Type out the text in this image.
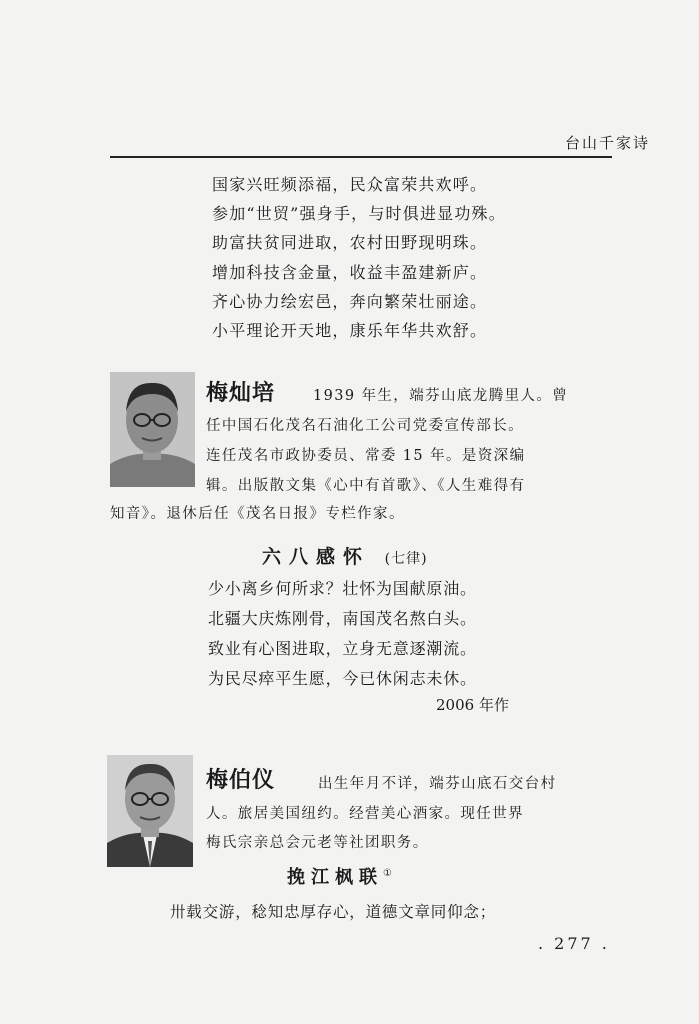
台山千家诗
国家兴旺频添福，民众富荣共欢呼。
参加“世贸”强身手，与时俱进显功殊。
助富扶贫同进取，农村田野现明珠。
增加科技含金量，收益丰盈建新庐。
齐心协力绘宏邑，奔向繁荣壮丽途。
小平理论开天地，康乐年华共欢舒。
梅灿培	1939 年生，端芬山底龙腾里人。曾
任中国石化茂名石油化工公司党委宣传部长。
连任茂名市政协委员、常委 15 年。是资深编
辑。出版散文集《心中有首歌》、《人生难得有
知音》。退休后任《茂名日报》专栏作家。
六八感怀 (七律)
少小离乡何所求？壮怀为国献原油。
北疆大庆炼刚骨，南国茂名熬白头。
致业有心图进取，立身无意逐潮流。
为民尽瘁平生愿，今已休闲志未休。
2006 年作
梅伯仪	出生年月不详，端芬山底石交台村
人。旅居美国纽约。经营美心酒家。现任世界
梅氏宗亲总会元老等社团职务。
挽江枫联①
卅载交游，稔知忠厚存心，道德文章同仰念；
. 277 .
